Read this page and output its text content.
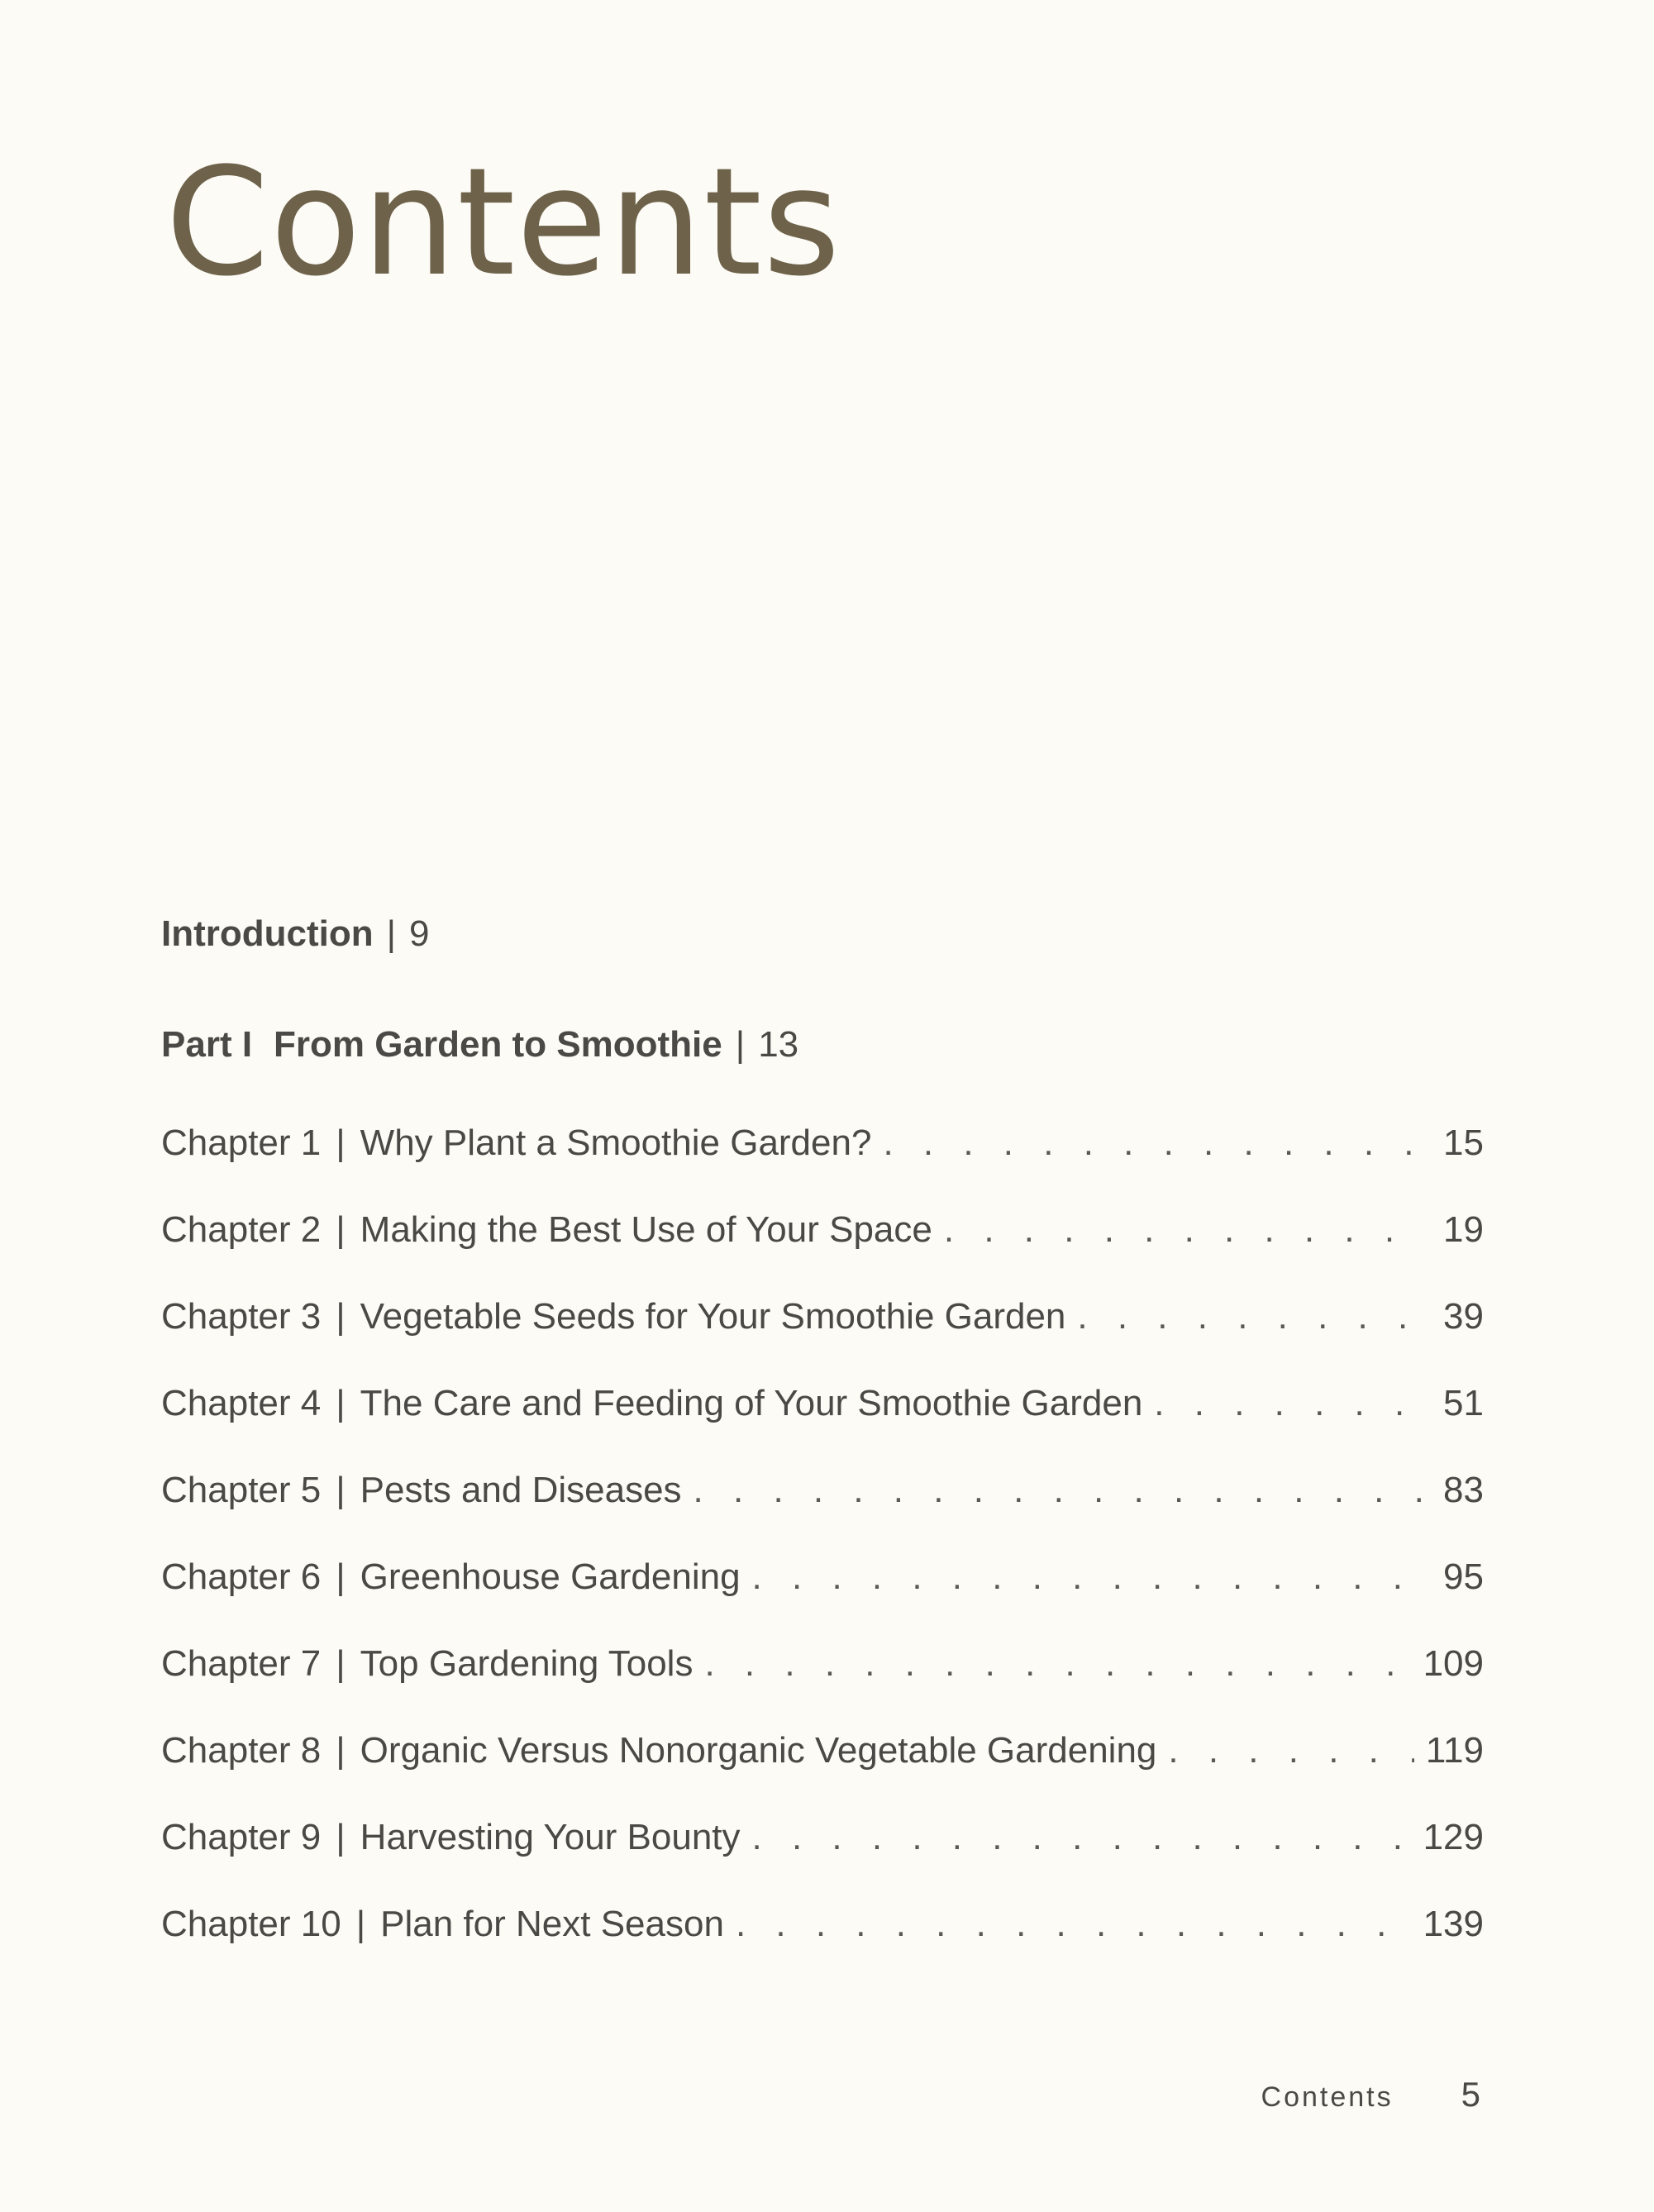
Contents
Introduction | 9
Part I From Garden to Smoothie | 13
Chapter 1 | Why Plant a Smoothie Garden? . . .	15
Chapter 2 | Making the Best Use of Your Space . . .	19
Chapter 3 | Vegetable Seeds for Your Smoothie Garden . . .	39
Chapter 4 | The Care and Feeding of Your Smoothie Garden . . .	51
Chapter 5 | Pests and Diseases . . .	83
Chapter 6 | Greenhouse Gardening . . .	95
Chapter 7 | Top Gardening Tools . . .	109
Chapter 8 | Organic Versus Nonorganic Vegetable Gardening . . .	119
Chapter 9 | Harvesting Your Bounty . . .	129
Chapter 10 | Plan for Next Season . . .	139
Contents 5
